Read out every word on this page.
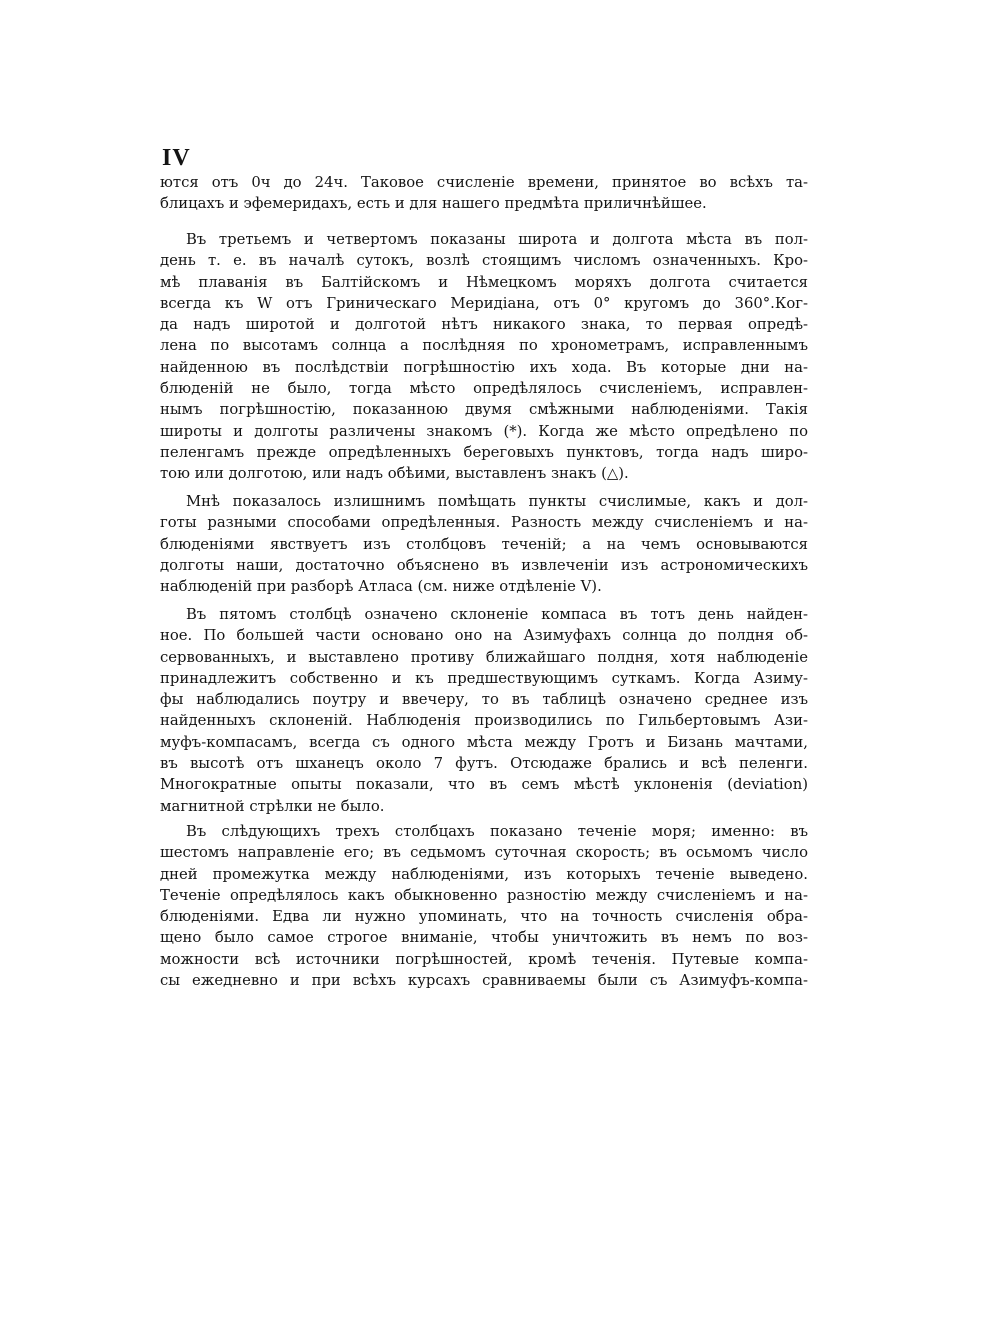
IV
ются отъ 0ч до 24ч. Таковое счисленіе времени, принятое во всѣхъ та-
блицахъ и эфемеридахъ, есть и для нашего предмѣта приличнѣйшее.
Въ третьемъ и четвертомъ показаны широта и долгота мѣста въ пол-
день т. е. въ началѣ сутокъ, возлѣ стоящимъ числомъ означенныхъ. Кро-
мѣ плаванія въ Балтійскомъ и Нѣмецкомъ моряхъ долгота считается
всегда къ W отъ Гриническаго Меридіана, отъ 0° кругомъ до 360°.Ког-
да надъ широтой и долготой нѣтъ никакого знака, то первая опредѣ-
лена по высотамъ солнца а послѣдняя по хронометрамъ, исправленнымъ
найденною въ послѣдствіи погрѣшностію ихъ хода. Въ которые дни на-
блюденій не было, тогда мѣсто опредѣлялось счисленіемъ, исправлен-
нымъ погрѣшностію, показанною двумя смѣжными наблюденіями. Такія
широты и долготы различены знакомъ (*). Когда же мѣсто опредѣлено по
пеленгамъ прежде опредѣленныхъ береговыхъ пунктовъ, тогда надъ широ-
тою или долготою, или надъ обѣими, выставленъ знакъ (△).
Мнѣ показалось излишнимъ помѣщать пункты счислимые, какъ и дол-
готы разными способами опредѣленныя. Разность между счисленіемъ и на-
блюденіями явствуетъ изъ столбцовъ теченій; а на чемъ основываются
долготы наши, достаточно объяснено въ извлеченіи изъ астрономическихъ
наблюденій при разборѣ Атласа (см. ниже отдѣленіе V).
Въ пятомъ столбцѣ означено склоненіе компаса въ тотъ день найден-
ное. По большей части основано оно на Азимуфахъ солнца до полдня об-
сервованныхъ, и выставлено противу ближайшаго полдня, хотя наблюденіе
принадлежитъ собственно и къ предшествующимъ суткамъ. Когда Азиму-
фы наблюдались поутру и ввечеру, то въ таблицѣ означено среднее изъ
найденныхъ склоненій. Наблюденія производились по Гильбертовымъ Ази-
муфъ-компасамъ, всегда съ одного мѣста между Гротъ и Бизань мачтами,
въ высотѣ отъ шханецъ около 7 футъ. Отсюдаже брались и всѣ пеленги.
Многократные опыты показали, что въ семъ мѣстѣ уклоненія (deviation)
магнитной стрѣлки не было.
Въ слѣдующихъ трехъ столбцахъ показано теченіе моря; именно: въ
шестомъ направленіе его; въ седьмомъ суточная скорость; въ осьмомъ число
дней промежутка между наблюденіями, изъ которыхъ теченіе выведено.
Теченіе опредѣлялось какъ обыкновенно разностію между счисленіемъ и на-
блюденіями. Едва ли нужно упоминать, что на точность счисленія обра-
щено было самое строгое вниманіе, чтобы уничтожить въ немъ по воз-
можности всѣ источники погрѣшностей, кромѣ теченія. Путевые компа-
сы ежедневно и при всѣхъ курсахъ сравниваемы были съ Азимуфъ-компа-
